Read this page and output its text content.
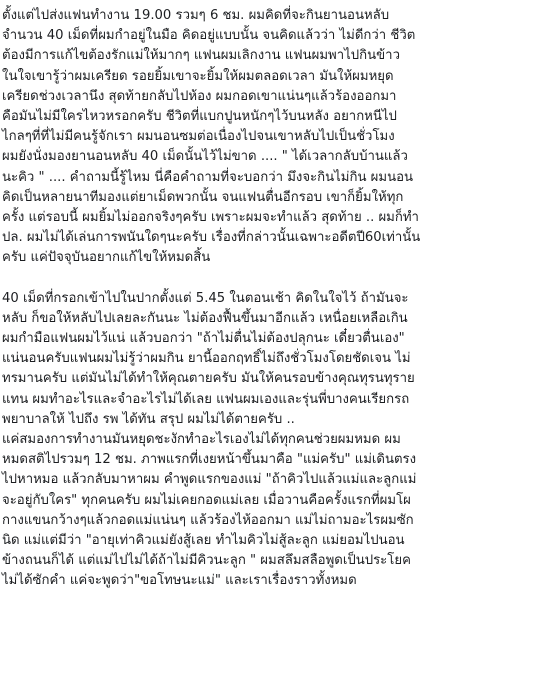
ตั้งแต่ไปส่งแฟนทำงาน 19.00 รวมๆ 6 ชม. ผมคิดที่จะกินยานอนหลับ
จำนวน 40 เม็ดที่ผมกำอยู่ในมือ คิดอยู่แบบนั้น จนคิดแล้วว่า ไม่ดีกว่า ชีวิต
ต้องมีการแก้ไขต้องรักแม่ให้มากๆ แฟนผมเลิกงาน แฟนผมพาไปกินข้าว
ในใจเขารู้ว่าผมเครียด รอยยิ้มเขาจะยิ้มให้ผมตลอดเวลา มันให้ผมหยุด
เครียดช่วงเวลานึง สุดท้ายกลับไปห้อง ผมกอดเขาแน่นๆแล้วร้องออกมา
คือมันไม่มีใครไหวหรอกครับ ชีวิตที่แบกปูนหนักๆไว้บนหลัง อยากหนีไป
ไกลๆที่ที่ไม่มีคนรู้จักเรา ผมนอนซมต่อเนื่องไปจนเขาหลับไปเป็นชั่วโมง
ผมยังนั่งมองยานอนหลับ 40 เม็ดนั้นไว้ไม่ขาด .... " ได้เวลากลับบ้านแล้ว
นะคิว " .... คำถามนี้รู้ไหม นี่คือคำถามที่จะบอกว่า มึงจะกินไม่กิน ผมนอน
คิดเป็นหลายนาทีมองแต่ยาเม็ดพวกนั้น จนแฟนตื่นอีกรอบ เขาก็ยิ้มให้ทุก
ครั้ง แต่รอบนี้ ผมยิ้มไม่ออกจริงๆครับ เพราะผมจะทำแล้ว สุดท้าย .. ผมก็ทำ
ปล. ผมไม่ได้เล่นการพนันใดๆนะครับ เรื่องที่กล่าวนั้นเฉพาะอดีตปี60เท่านั้น
ครับ แค่ปัจจุบันอยากแก้ไขให้หมดสิ้น

40 เม็ดที่กรอกเข้าไปในปากตั้งแต่ 5.45 ในตอนเช้า คิดในใจไว้ ถ้ามันจะ
หลับ ก็ขอให้หลับไปเลยละกันนะ ไม่ต้องฟื้นขึ้นมาอีกแล้ว เหนื่อยเหลือเกิน
ผมกำมือแฟนผมไว้แน่ แล้วบอกว่า "ถ้าไม่ตื่นไม่ต้องปลุกนะ เดี๋ยวตื่นเอง"
แน่นอนครับแฟนผมไม่รู้ว่าผมกิน ยานี้ออกฤทธิ์ไม่ถึงชั่วโมงโดยชัดเจน ไม่
ทรมานครับ แต่มันไม่ได้ทำให้คุณตายครับ มันให้คนรอบข้างคุณทุรนทุราย
แทน ผมทำอะไรและจำอะไรไม่ได้เลย แฟนผมเองและรุ่นพี่บางคนเรียกรถ
พยาบาลให้ ไปถึง รพ ได้ทัน สรุป ผมไม่ได้ตายครับ ..
แค่สมองการทำงานมันหยุดชะงักทำอะไรเองไม่ได้ทุกคนช่วยผมหมด ผม
หมดสติไปรวมๆ 12 ชม. ภาพแรกที่เงยหน้าขึ้นมาคือ "แม่ครับ" แม่เดินตรง
ไปหาหมอ แล้วกลับมาหาผม คำพูดแรกของแม่ "ถ้าคิวไปแล้วแม่และลูกแม่
จะอยู่กับใคร" ทุกคนครับ ผมไม่เคยกอดแม่เลย เมื่อวานคือครั้งแรกที่ผมโผ
กางแขนกว้างๆแล้วกอดแม่แน่นๆ แล้วร้องไห้ออกมา แม่ไม่ถามอะไรผมซัก
นิด แม่แต่มีว่า "อายุเท่าคิวแม่ยังสู้เลย ทำไมคิวไม่สู้ละลูก แม่ยอมไปนอน
ข้างถนนก็ได้ แต่แม่ไปไม่ได้ถ้าไม่มีคิวนะลูก " ผมสลึมสลือพูดเป็นประโยค
ไม่ได้ซักคำ แค่จะพูดว่า"ขอโทษนะแม่" และเราเรื่องราวทั้งหมด
